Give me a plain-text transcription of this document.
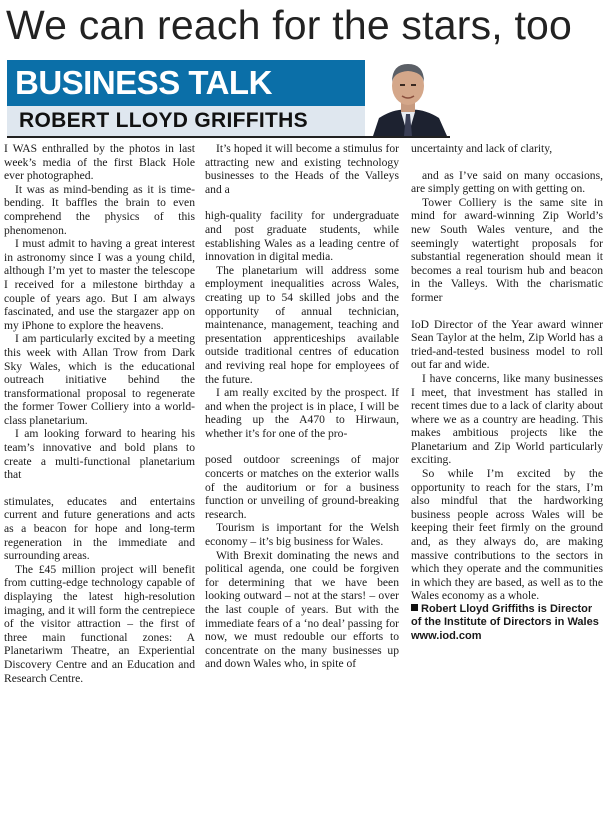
We can reach for the stars, too
BUSINESS TALK
ROBERT LLOYD GRIFFITHS

I WAS enthralled by the photos in last week’s media of the first Black Hole ever photographed.

It was as mind-bending as it is time-bending. It baffles the brain to even comprehend the physics of this phenomenon.

I must admit to having a great interest in astronomy since I was a young child, although I’m yet to master the telescope I received for a milestone birthday a couple of years ago. But I am always fascinated, and use the stargazer app on my iPhone to explore the heavens.

I am particularly excited by a meeting this week with Allan Trow from Dark Sky Wales, which is the educational outreach initiative behind the transformational proposal to regenerate the former Tower Colliery into a world-class planetarium.

I am looking forward to hearing his team’s innovative and bold plans to create a multi-functional planetarium that

stimulates, educates and entertains current and future generations and acts as a beacon for hope and long-term regeneration in the immediate and surrounding areas.

The £45 million project will benefit from cutting-edge technology capable of displaying the latest high-resolution imaging, and it will form the centrepiece of the visitor attraction – the first of three main functional zones: A Planetariwm Theatre, an Experiential Discovery Centre and an Education and Research Centre.

It’s hoped it will become a stimulus for attracting new and existing technology businesses to the Heads of the Valleys and a

high-quality facility for undergraduate and post graduate students, while establishing Wales as a leading centre of innovation in digital media.

The planetarium will address some employment inequalities across Wales, creating up to 54 skilled jobs and the opportunity of annual technician, maintenance, management, teaching and presentation apprenticeships available outside traditional centres of education and reviving real hope for employees of the future.

I am really excited by the prospect. If and when the project is in place, I will be heading up the A470 to Hirwaun, whether it’s for one of the pro-

posed outdoor screenings of major concerts or matches on the exterior walls of the auditorium or for a business function or unveiling of ground-breaking research.

Tourism is important for the Welsh economy – it’s big business for Wales.

With Brexit dominating the news and political agenda, one could be forgiven for determining that we have been looking outward – not at the stars! – over the last couple of years. But with the immediate fears of a ‘no deal’ passing for now, we must redouble our efforts to concentrate on the many businesses up and down Wales who, in spite of

uncertainty and lack of clarity,

and as I’ve said on many occasions, are simply getting on with getting on.

Tower Colliery is the same site in mind for award-winning Zip World’s new South Wales venture, and the seemingly watertight proposals for substantial regeneration should mean it becomes a real tourism hub and beacon in the Valleys. With the charismatic former

IoD Director of the Year award winner Sean Taylor at the helm, Zip World has a tried-and-tested business model to roll out far and wide.

I have concerns, like many businesses I meet, that investment has stalled in recent times due to a lack of clarity about where we as a country are heading. This makes ambitious projects like the Planetarium and Zip World particularly exciting.

So while I’m excited by the opportunity to reach for the stars, I’m also mindful that the hardworking business people across Wales will be keeping their feet firmly on the ground and, as they always do, are making massive contributions to the sectors in which they operate and the communities in which they are based, as well as to the Wales economy as a whole.

Robert Lloyd Griffiths is Director of the Institute of Directors in Wales www.iod.com
